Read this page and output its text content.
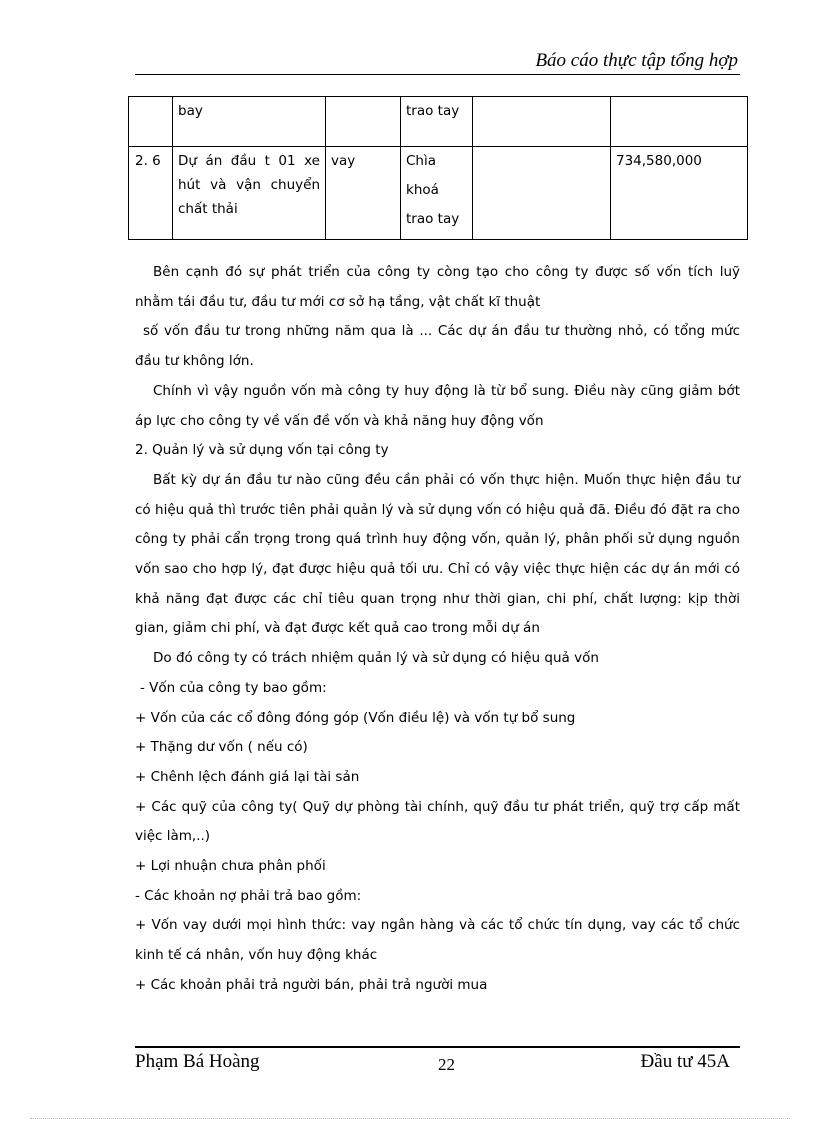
Báo cáo thực tập tổng hợp
	bay		trao tay		
2. 6	Dự án đầu t 01 xe hút và vận chuyển chất thải	vay	Chìa khoá trao tay		734,580,000

Bên cạnh đó sự phát triển của công ty còng tạo cho công ty được số vốn tích luỹ nhằm tái đầu tư, đầu tư mới cơ sở hạ tầng, vật chất kĩ thuật

số vốn đầu tư trong những năm qua là ... Các dự án đầu tư thường nhỏ, có tổng mức đầu tư không lớn.

Chính vì vậy nguồn vốn mà công ty huy động là từ bổ sung. Điều này cũng giảm bớt áp lực cho công ty về vấn đề vốn và khả năng huy động vốn

2. Quản lý và sử dụng vốn tại công ty

Bất kỳ dự án đầu tư nào cũng đều cần phải có vốn thực hiện. Muốn thực hiện đầu tư có hiệu quả thì trước tiên phải quản lý và sử dụng vốn có hiệu quả đã. Điều đó đặt ra cho công ty phải cẩn trọng trong quá trình huy động vốn, quản lý, phân phối sử dụng nguồn vốn sao cho hợp lý, đạt được hiệu quả tối ưu. Chỉ có vậy việc thực hiện các dự án mới có khả năng đạt được các chỉ tiêu quan trọng như thời gian, chi phí, chất lượng: kịp thời gian, giảm chi phí, và đạt được kết quả cao trong mỗi dự án

Do đó công ty có trách nhiệm quản lý và sử dụng có hiệu quả vốn

- Vốn của công ty bao gồm:

+ Vốn của các cổ đông đóng góp (Vốn điều lệ) và vốn tự bổ sung

+ Thặng dư vốn ( nếu có)

+ Chênh lệch đánh giá lại tài sản

+ Các quỹ của công ty( Quỹ dự phòng tài chính, quỹ đầu tư phát triển, quỹ trợ cấp mất việc làm,..)

+ Lợi nhuận chưa phân phối

- Các khoản nợ phải trả bao gồm:

+ Vốn vay dưới mọi hình thức: vay ngân hàng và các tổ chức tín dụng, vay các tổ chức kinh tế cá nhân, vốn huy động khác

+ Các khoản phải trả người bán, phải trả người mua

Phạm Bá Hoàng	22	Đầu tư 45A
